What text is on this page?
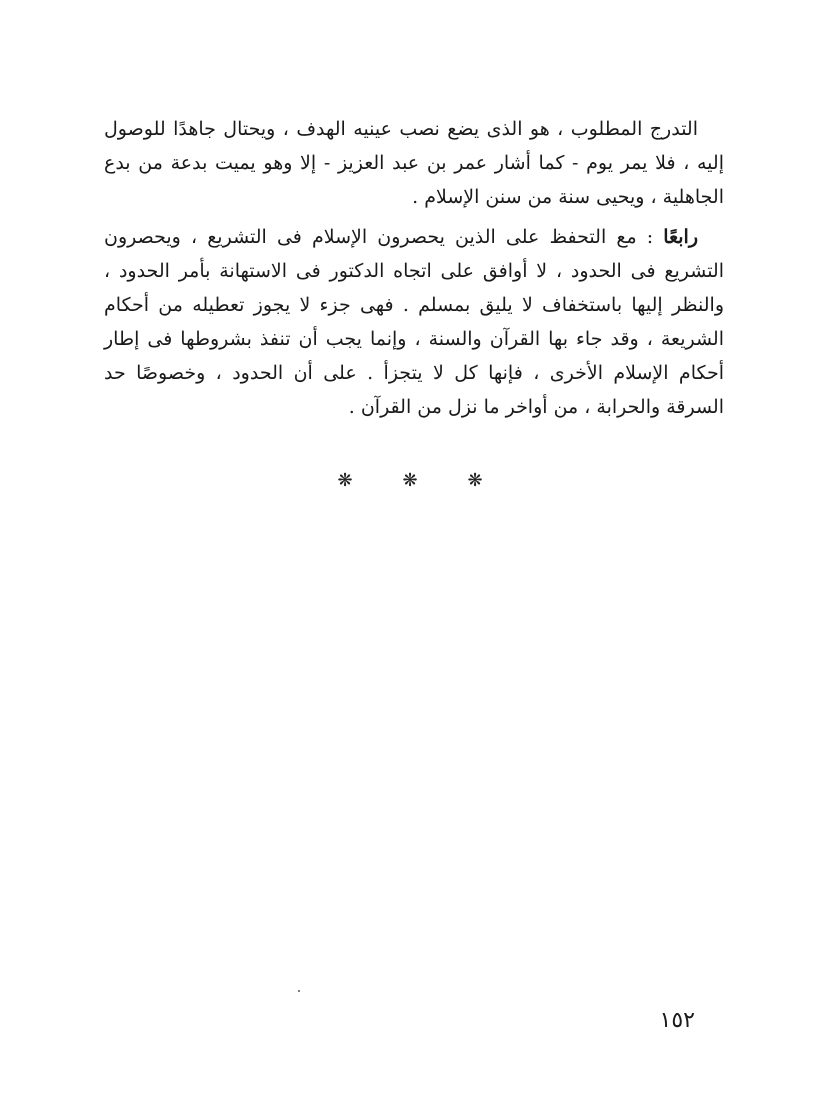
التدرج المطلوب ، هو الذى يضع نصب عينيه الهدف ، ويحتال جاهدًا للوصول إليه ، فلا يمر يوم - كما أشار عمر بن عبد العزيز - إلا وهو يميت بدعة من بدع الجاهلية ، ويحيى سنة من سنن الإسلام .

رابعًا : مع التحفظ على الذين يحصرون الإسلام فى التشريع ، ويحصرون التشريع فى الحدود ، لا أوافق على اتجاه الدكتور فى الاستهانة بأمر الحدود ، والنظر إليها باستخفاف لا يليق بمسلم . فهى جزء لا يجوز تعطيله من أحكام الشريعة ، وقد جاء بها القرآن والسنة ، وإنما يجب أن تنفذ بشروطها فى إطار أحكام الإسلام الأخرى ، فإنها كل لا يتجزأ . على أن الحدود ، وخصوصًا حد السرقة والحرابة ، من أواخر ما نزل من القرآن .

❋	❋	❋
١٥٢
